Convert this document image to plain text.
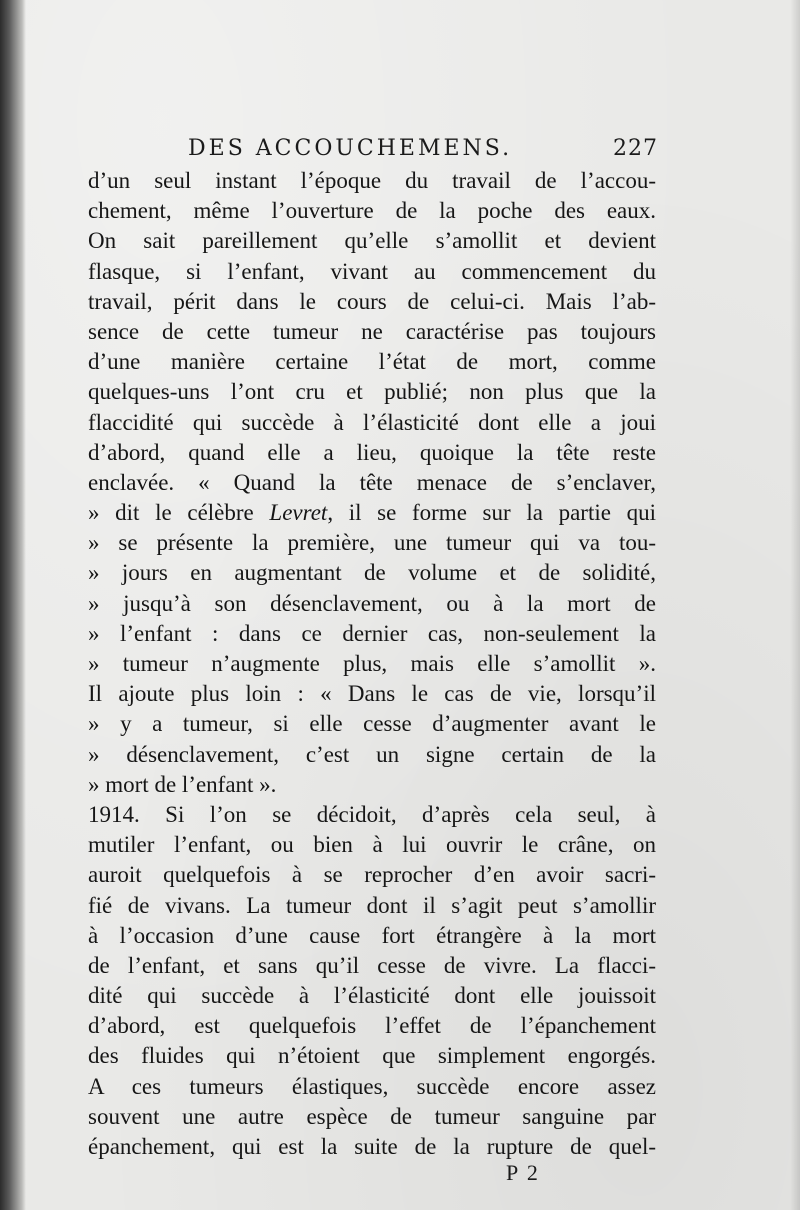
DES ACCOUCHEMENS.	227
d’un seul instant l’époque du travail de l’accou-
chement, même l’ouverture de la poche des eaux.
On sait pareillement qu’elle s’amollit et devient
flasque, si l’enfant, vivant au commencement du
travail, périt dans le cours de celui-ci. Mais l’ab-
sence de cette tumeur ne caractérise pas toujours
d’une manière certaine l’état de mort, comme
quelques-uns l’ont cru et publié; non plus que la
flaccidité qui succède à l’élasticité dont elle a joui
d’abord, quand elle a lieu, quoique la tête reste
enclavée. « Quand la tête menace de s’enclaver,
» dit le célèbre Levret, il se forme sur la partie qui
» se présente la première, une tumeur qui va tou-
» jours en augmentant de volume et de solidité,
» jusqu’à son désenclavement, ou à la mort de
» l’enfant : dans ce dernier cas, non-seulement la
» tumeur n’augmente plus, mais elle s’amollit ».
Il ajoute plus loin : « Dans le cas de vie, lorsqu’il
» y a tumeur, si elle cesse d’augmenter avant le
» désenclavement, c’est un signe certain de la
» mort de l’enfant ».
1914. Si l’on se décidoit, d’après cela seul, à
mutiler l’enfant, ou bien à lui ouvrir le crâne, on
auroit quelquefois à se reprocher d’en avoir sacri-
fié de vivans. La tumeur dont il s’agit peut s’amollir
à l’occasion d’une cause fort étrangère à la mort
de l’enfant, et sans qu’il cesse de vivre. La flacci-
dité qui succède à l’élasticité dont elle jouissoit
d’abord, est quelquefois l’effet de l’épanchement
des fluides qui n’étoient que simplement engorgés.
A ces tumeurs élastiques, succède encore assez
souvent une autre espèce de tumeur sanguine par
épanchement, qui est la suite de la rupture de quel-
P 2
